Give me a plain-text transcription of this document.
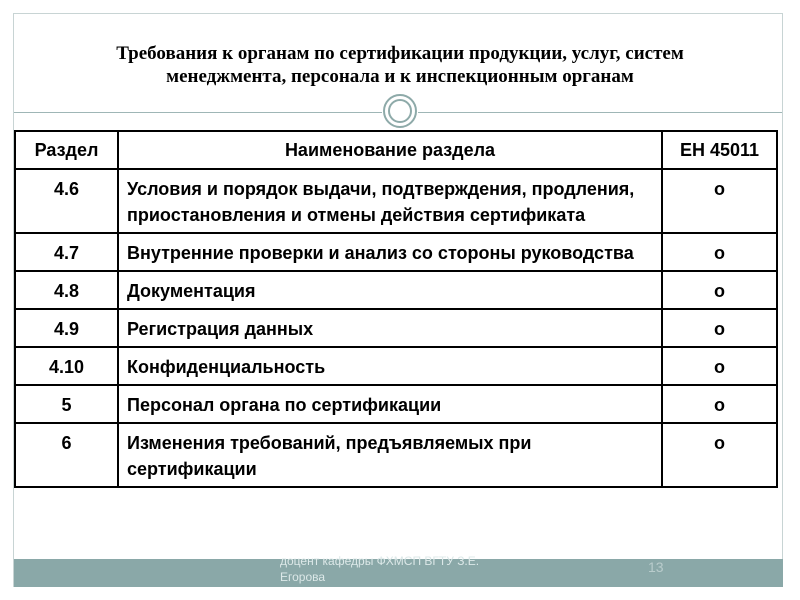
Требования к органам по сертификации продукции, услуг, систем
менеджмента, персонала и к инспекционным органам
Раздел	Наименование раздела	ЕН 45011
4.6	Условия и порядок выдачи, подтверждения, продления, приостановления и отмены действия сертификата	о
4.7	Внутренние проверки и анализ со стороны руководства	о
4.8	Документация	о
4.9	Регистрация данных	о
4.10	Конфиденциальность	о
5	Персонал органа по сертификации	о
6	Изменения требований, предъявляемых при сертификации	о
доцент кафедры ФХМСП ВГТУ З.Е. Егорова
13
